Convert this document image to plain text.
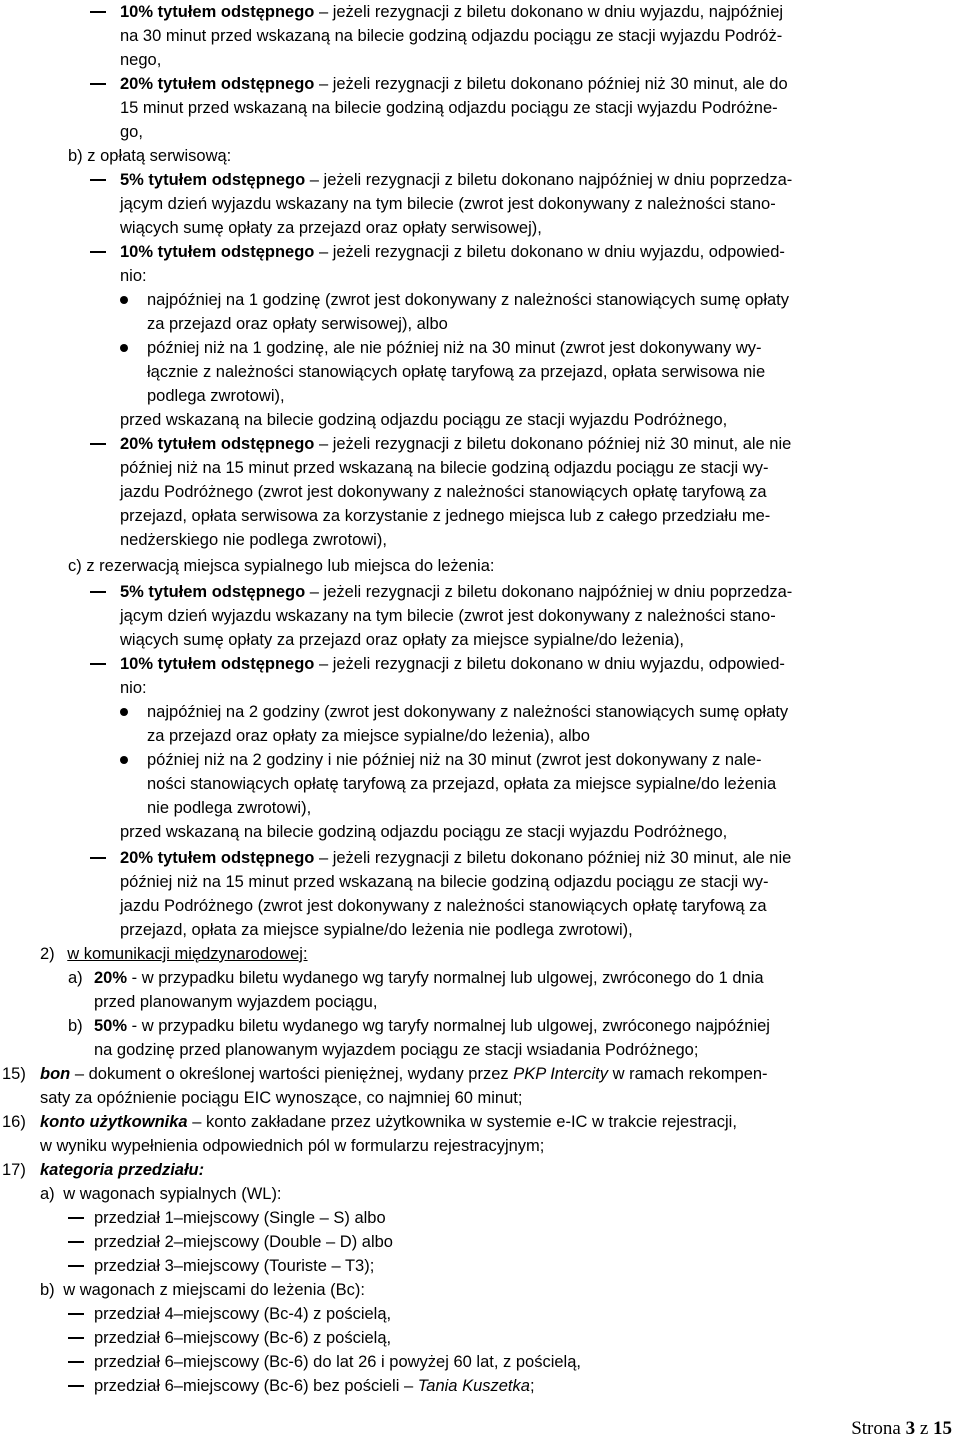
10% tytułem odstępnego – jeżeli rezygnacji z biletu dokonano w dniu wyjazdu, najpóźniej
na 30 minut przed wskazaną na bilecie godziną odjazdu pociągu ze stacji wyjazdu Podróż-
nego,

20% tytułem odstępnego – jeżeli rezygnacji z biletu dokonano później niż 30 minut, ale do
15 minut przed wskazaną na bilecie godziną odjazdu pociągu ze stacji wyjazdu Podróżne-
go,

b) z opłatą serwisową:

5% tytułem odstępnego – jeżeli rezygnacji z biletu dokonano najpóźniej w dniu poprzedza-
jącym dzień wyjazdu wskazany na tym bilecie (zwrot jest dokonywany z należności stano-
wiących sumę opłaty za przejazd oraz opłaty serwisowej),

10% tytułem odstępnego – jeżeli rezygnacji z biletu dokonano w dniu wyjazdu, odpowied-
nio:

najpóźniej na 1 godzinę (zwrot jest dokonywany z należności stanowiących sumę opłaty
za przejazd oraz opłaty serwisowej), albo

później niż na 1 godzinę, ale nie później niż na 30 minut (zwrot jest dokonywany wy-
łącznie z należności stanowiących opłatę taryfową za przejazd, opłata serwisowa nie
podlega zwrotowi),

przed wskazaną na bilecie godziną odjazdu pociągu ze stacji wyjazdu Podróżnego,

20% tytułem odstępnego – jeżeli rezygnacji z biletu dokonano później niż 30 minut, ale nie
później niż na 15 minut przed wskazaną na bilecie godziną odjazdu pociągu ze stacji wy-
jazdu Podróżnego (zwrot jest dokonywany z należności stanowiących opłatę taryfową za
przejazd, opłata serwisowa za korzystanie z jednego miejsca lub z całego przedziału me-
nedżerskiego nie podlega zwrotowi),

c) z rezerwacją miejsca sypialnego lub miejsca do leżenia:

5% tytułem odstępnego – jeżeli rezygnacji z biletu dokonano najpóźniej w dniu poprzedza-
jącym dzień wyjazdu wskazany na tym bilecie (zwrot jest dokonywany z należności stano-
wiących sumę opłaty za przejazd oraz opłaty za miejsce sypialne/do leżenia),

10% tytułem odstępnego – jeżeli rezygnacji z biletu dokonano w dniu wyjazdu, odpowied-
nio:

najpóźniej na 2 godziny (zwrot jest dokonywany z należności stanowiących sumę opłaty
za przejazd oraz opłaty za miejsce sypialne/do leżenia), albo

później niż na 2 godziny i nie później niż na 30 minut (zwrot jest dokonywany z nale-
ności stanowiących opłatę taryfową za przejazd, opłata za miejsce sypialne/do leżenia
nie podlega zwrotowi),

przed wskazaną na bilecie godziną odjazdu pociągu ze stacji wyjazdu Podróżnego,

20% tytułem odstępnego – jeżeli rezygnacji z biletu dokonano później niż 30 minut, ale nie
później niż na 15 minut przed wskazaną na bilecie godziną odjazdu pociągu ze stacji wy-
jazdu Podróżnego (zwrot jest dokonywany z należności stanowiących opłatę taryfową za
przejazd, opłata za miejsce sypialne/do leżenia nie podlega zwrotowi),

2) w komunikacji międzynarodowej:
a) 20% - w przypadku biletu wydanego wg taryfy normalnej lub ulgowej, zwróconego do 1 dnia
przed planowanym wyjazdem pociągu,

b) 50% - w przypadku biletu wydanego wg taryfy normalnej lub ulgowej, zwróconego najpóźniej
na godzinę przed planowanym wyjazdem pociągu ze stacji wsiadania Podróżnego;

15) bon – dokument o określonej wartości pieniężnej, wydany przez PKP Intercity w ramach rekompen-
saty za opóźnienie pociągu EIC wynoszące, co najmniej 60 minut;

16) konto użytkownika – konto zakładane przez użytkownika w systemie e-IC w trakcie rejestracji,
w wyniku wypełnienia odpowiednich pól w formularzu rejestracyjnym;

17) kategoria przedziału:

a) w wagonach sypialnych (WL):

przedział 1–miejscowy (Single – S) albo

przedział 2–miejscowy (Double – D) albo

przedział 3–miejscowy (Touriste – T3);

b) w wagonach z miejscami do leżenia (Bc):

przedział 4–miejscowy (Bc-4) z pościelą,

przedział 6–miejscowy (Bc-6) z pościelą,

przedział 6–miejscowy (Bc-6) do lat 26 i powyżej 60 lat, z pościelą,

przedział 6–miejscowy (Bc-6) bez pościeli – Tania Kuszetka;

Strona 3 z 15
